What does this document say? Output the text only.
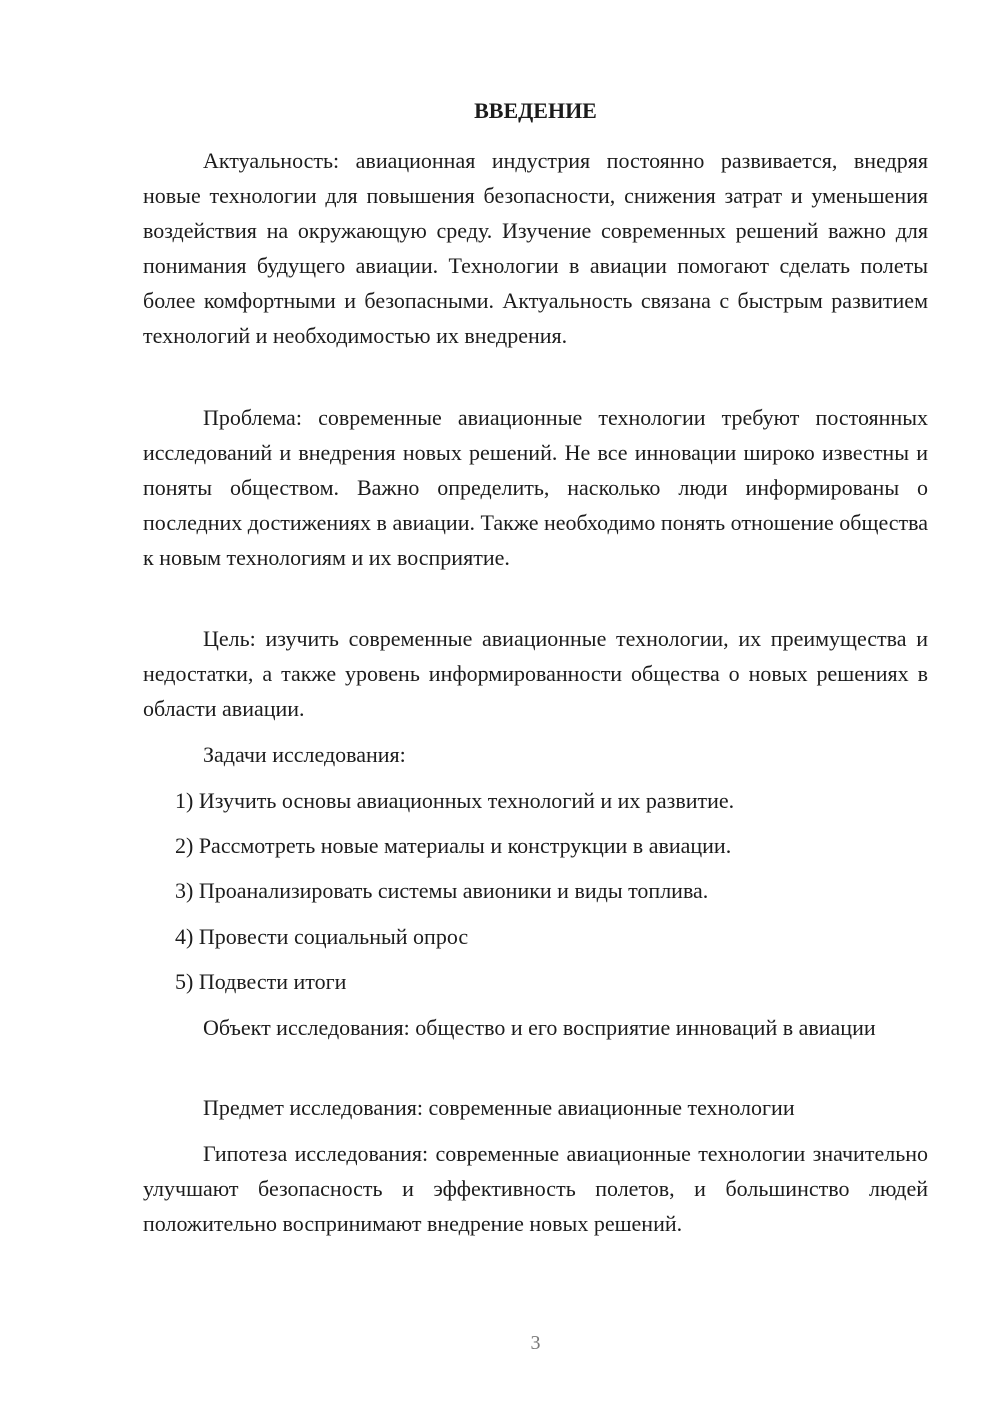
ВВЕДЕНИЕ

Актуальность: авиационная индустрия постоянно развивается, внедряя новые технологии для повышения безопасности, снижения затрат и уменьшения воздействия на окружающую среду. Изучение современных решений важно для понимания будущего авиации. Технологии в авиации помогают сделать полеты более комфортными и безопасными. Актуальность связана с быстрым развитием технологий и необходимостью их внедрения.

Проблема: современные авиационные технологии требуют постоянных исследований и внедрения новых решений. Не все инновации широко известны и поняты обществом. Важно определить, насколько люди информированы о последних достижениях в авиации. Также необходимо понять отношение общества к новым технологиям и их восприятие.

Цель: изучить современные авиационные технологии, их преимущества и недостатки, а также уровень информированности общества о новых решениях в области авиации.

Задачи исследования:

1) Изучить основы авиационных технологий и их развитие.

2) Рассмотреть новые материалы и конструкции в авиации.

3) Проанализировать системы авионики и виды топлива.

4) Провести социальный опрос

5) Подвести итоги

Объект исследования: общество и его восприятие инноваций в авиации

Предмет исследования: современные авиационные технологии

Гипотеза исследования: современные авиационные технологии значительно улучшают безопасность и эффективность полетов, и большинство людей положительно воспринимают внедрение новых решений.

3
